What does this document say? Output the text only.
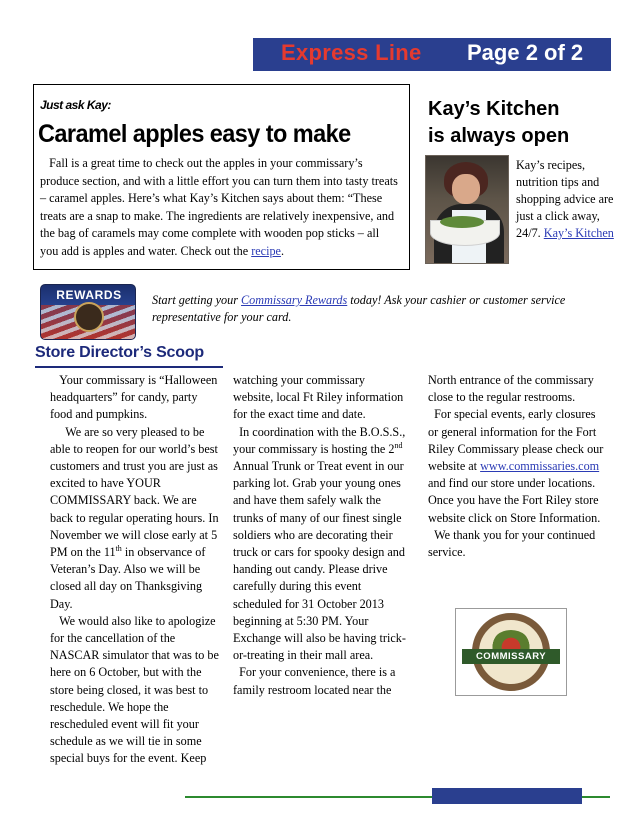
Express Line Page 2 of 2
Just ask Kay:
Caramel apples easy to make
Fall is a great time to check out the apples in your commissary’s produce section, and with a little effort you can turn them into tasty treats – caramel apples. Here’s what Kay’s Kitchen says about them: “These treats are a snap to make. The ingredients are relatively inexpensive, and the bag of caramels may come complete with wooden pop sticks – all you add is apples and water. Check out the recipe.
Kay’s Kitchen
is always open
Kay’s recipes, nutrition tips and shopping advice are just a click away, 24/7. Kay’s Kitchen
REWARDS	Start getting your Commissary Rewards today! Ask your cashier or customer service representative for your card.
Store Director’s Scoop

Your commissary is “Halloween headquarters” for candy, party food and pumpkins.

We are so very pleased to be able to reopen for our world’s best customers and trust you are just as excited to have YOUR COMMISSARY back. We are back to regular operating hours. In November we will close early at 5 PM on the 11th in observance of Veteran’s Day. Also we will be closed all day on Thanksgiving Day.

We would also like to apologize for the cancellation of the NASCAR simulator that was to be here on 6 October, but with the store being closed, it was best to reschedule. We hope the rescheduled event will fit your schedule as we will tie in some special buys for the event. Keep

watching your commissary website, local Ft Riley information for the exact time and date.

In coordination with the B.O.S.S., your commissary is hosting the 2nd Annual Trunk or Treat event in our parking lot. Grab your young ones and have them safely walk the trunks of many of our finest single soldiers who are decorating their truck or cars for spooky design and handing out candy. Please drive carefully during this event scheduled for 31 October 2013 beginning at 5:30 PM. Your Exchange will also be having trick-or-treating in their mall area.

For your convenience, there is a family restroom located near the

North entrance of the commissary close to the regular restrooms.

For special events, early closures or general information for the Fort Riley Commissary please check our website at www.commissaries.com and find our store under locations. Once you have the Fort Riley store website click on Store Information.

We thank you for your continued service.

COMMISSARY
